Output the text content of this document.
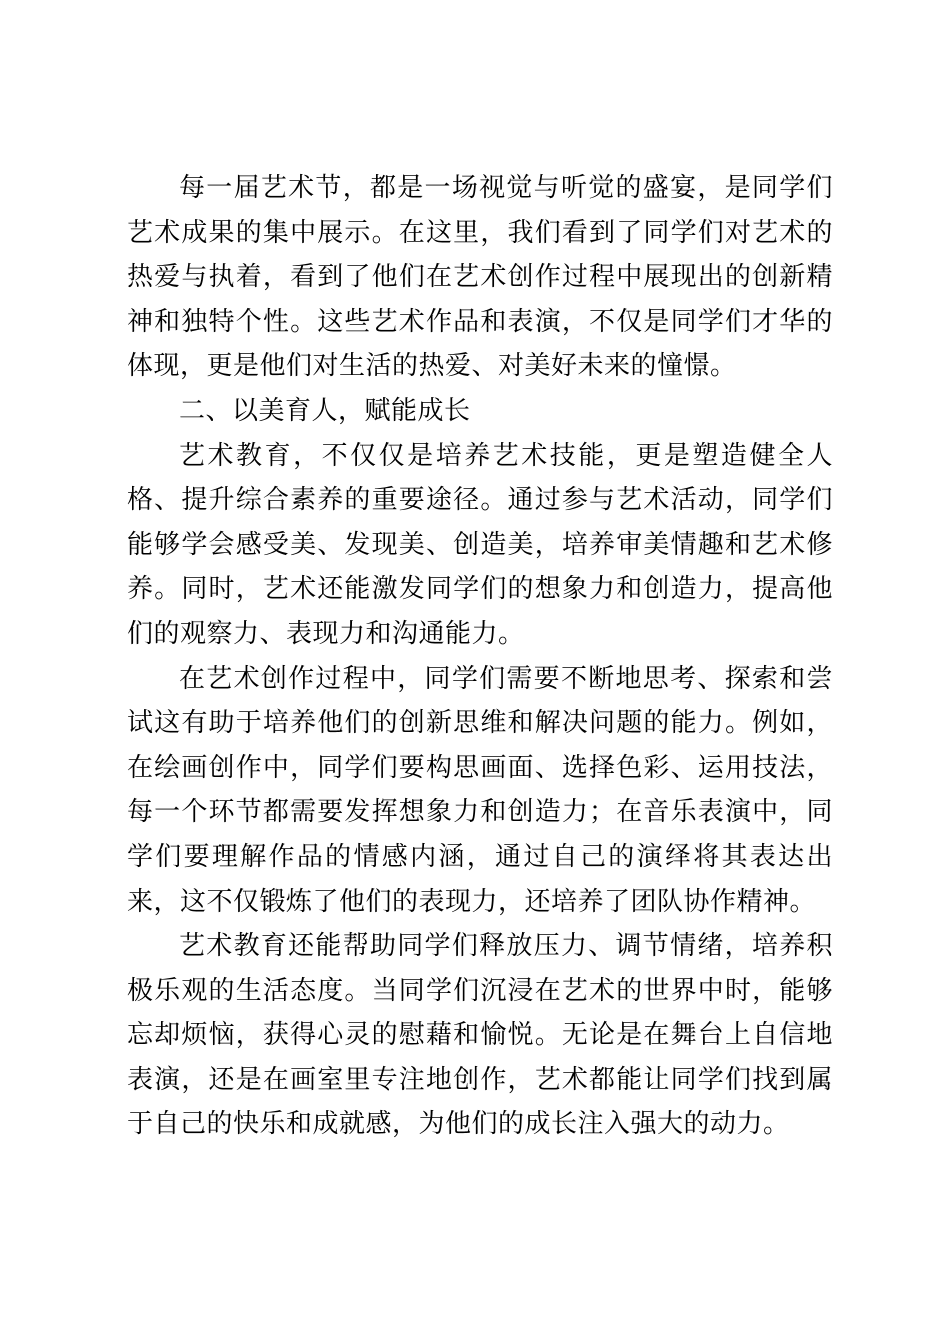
每一届艺术节，都是一场视觉与听觉的盛宴，是同学们艺术成果的集中展示。在这里，我们看到了同学们对艺术的热爱与执着，看到了他们在艺术创作过程中展现出的创新精神和独特个性。这些艺术作品和表演，不仅是同学们才华的体现，更是他们对生活的热爱、对美好未来的憧憬。

二、以美育人，赋能成长

艺术教育，不仅仅是培养艺术技能，更是塑造健全人格、提升综合素养的重要途径。通过参与艺术活动，同学们能够学会感受美、发现美、创造美，培养审美情趣和艺术修养。同时，艺术还能激发同学们的想象力和创造力，提高他们的观察力、表现力和沟通能力。

在艺术创作过程中，同学们需要不断地思考、探索和尝试这有助于培养他们的创新思维和解决问题的能力。例如，在绘画创作中，同学们要构思画面、选择色彩、运用技法，每一个环节都需要发挥想象力和创造力；在音乐表演中，同学们要理解作品的情感内涵，通过自己的演绎将其表达出来，这不仅锻炼了他们的表现力，还培养了团队协作精神。

艺术教育还能帮助同学们释放压力、调节情绪，培养积极乐观的生活态度。当同学们沉浸在艺术的世界中时，能够忘却烦恼，获得心灵的慰藉和愉悦。无论是在舞台上自信地表演，还是在画室里专注地创作，艺术都能让同学们找到属于自己的快乐和成就感，为他们的成长注入强大的动力。
